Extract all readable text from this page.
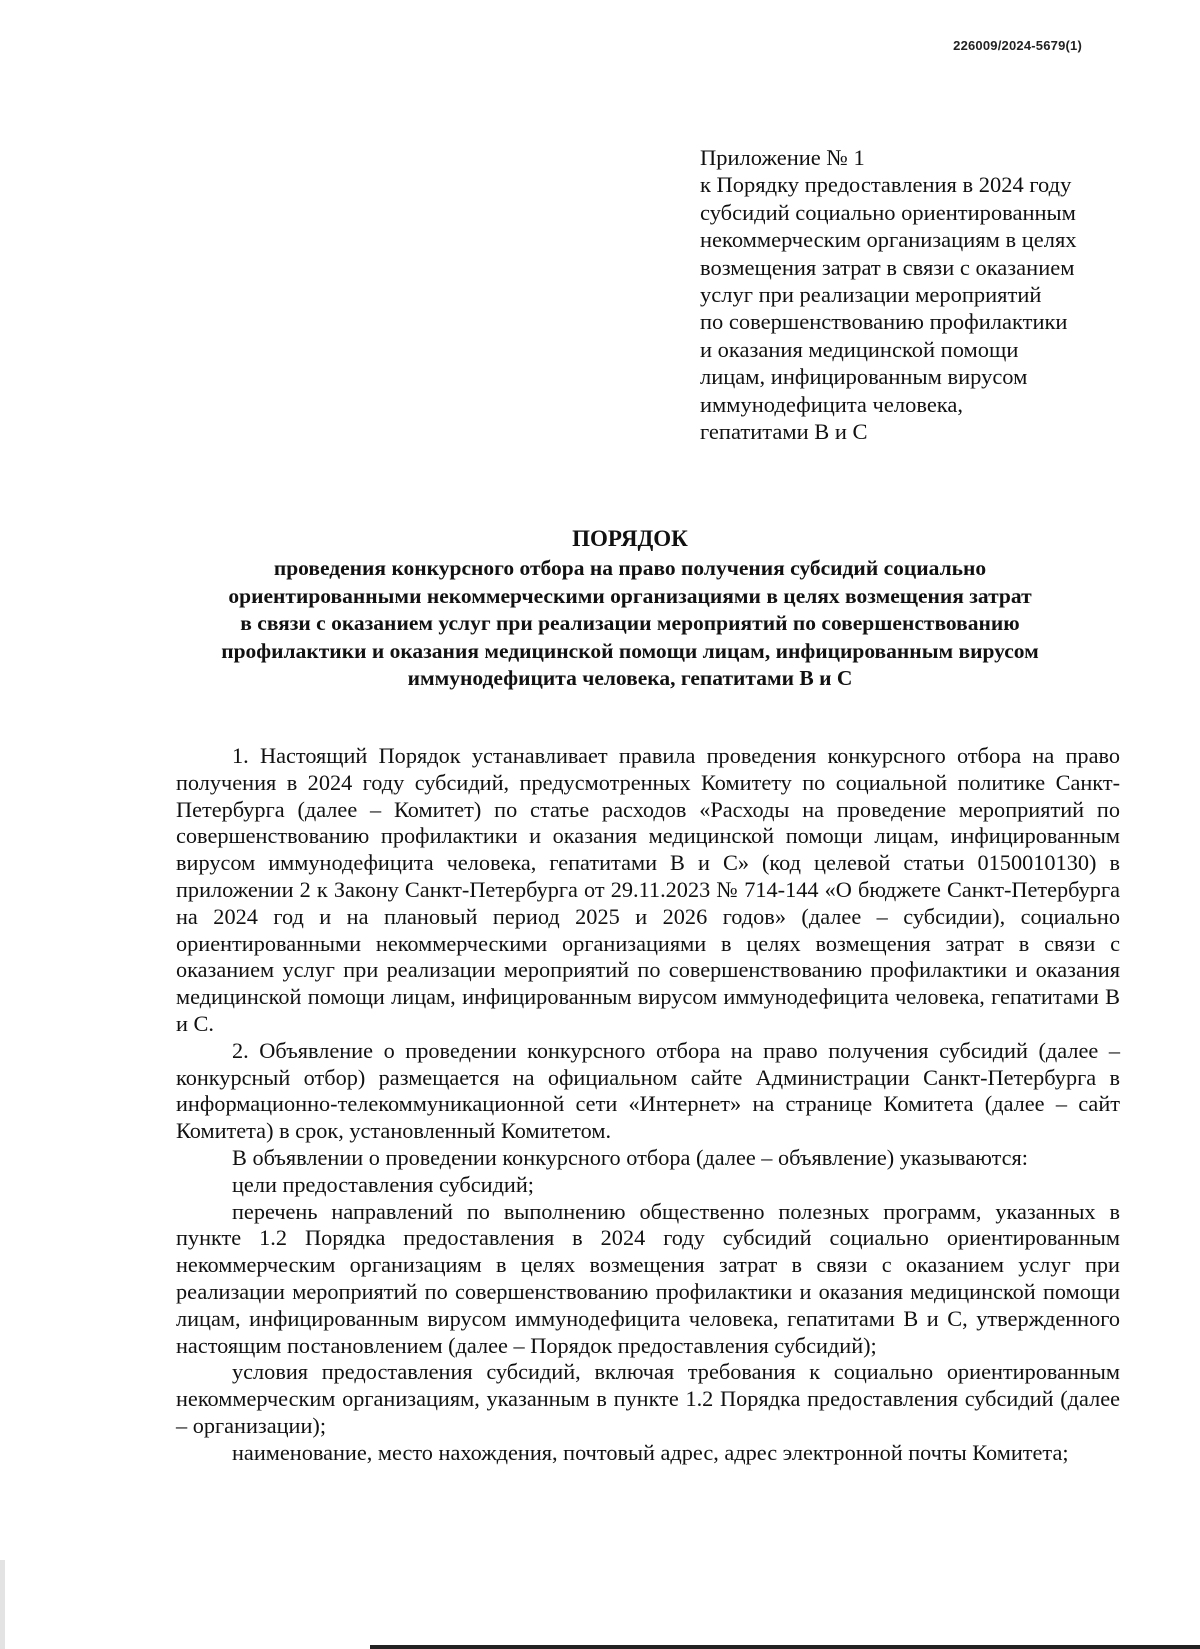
226009/2024-5679(1)
Приложение № 1
к Порядку предоставления в 2024 году
субсидий социально ориентированным
некоммерческим организациям в целях
возмещения затрат в связи с оказанием
услуг при реализации мероприятий
по совершенствованию профилактики
и оказания медицинской помощи
лицам, инфицированным вирусом
иммунодефицита человека,
гепатитами В и С
ПОРЯДОК
проведения конкурсного отбора на право получения субсидий социально
ориентированными некоммерческими организациями в целях возмещения затрат
в связи с оказанием услуг при реализации мероприятий по совершенствованию
профилактики и оказания медицинской помощи лицам, инфицированным вирусом
иммунодефицита человека, гепатитами В и С

1. Настоящий Порядок устанавливает правила проведения конкурсного отбора на право получения в 2024 году субсидий, предусмотренных Комитету по социальной политике Санкт-Петербурга (далее – Комитет) по статье расходов «Расходы на проведение мероприятий по совершенствованию профилактики и оказания медицинской помощи лицам, инфицированным вирусом иммунодефицита человека, гепатитами В и С» (код целевой статьи 0150010130) в приложении 2 к Закону Санкт-Петербурга от 29.11.2023 № 714-144 «О бюджете Санкт-Петербурга на 2024 год и на плановый период 2025 и 2026 годов» (далее – субсидии), социально ориентированными некоммерческими организациями в целях возмещения затрат в связи с оказанием услуг при реализации мероприятий по совершенствованию профилактики и оказания медицинской помощи лицам, инфицированным вирусом иммунодефицита человека, гепатитами В и С.

2. Объявление о проведении конкурсного отбора на право получения субсидий (далее – конкурсный отбор) размещается на официальном сайте Администрации Санкт-Петербурга в информационно-телекоммуникационной сети «Интернет» на странице Комитета (далее – сайт Комитета) в срок, установленный Комитетом.

В объявлении о проведении конкурсного отбора (далее – объявление) указываются:

цели предоставления субсидий;

перечень направлений по выполнению общественно полезных программ, указанных в пункте 1.2 Порядка предоставления в 2024 году субсидий социально ориентированным некоммерческим организациям в целях возмещения затрат в связи с оказанием услуг при реализации мероприятий по совершенствованию профилактики и оказания медицинской помощи лицам, инфицированным вирусом иммунодефицита человека, гепатитами В и С, утвержденного настоящим постановлением (далее – Порядок предоставления субсидий);

условия предоставления субсидий, включая требования к социально ориентированным некоммерческим организациям, указанным в пункте 1.2 Порядка предоставления субсидий (далее – организации);

наименование, место нахождения, почтовый адрес, адрес электронной почты Комитета;
